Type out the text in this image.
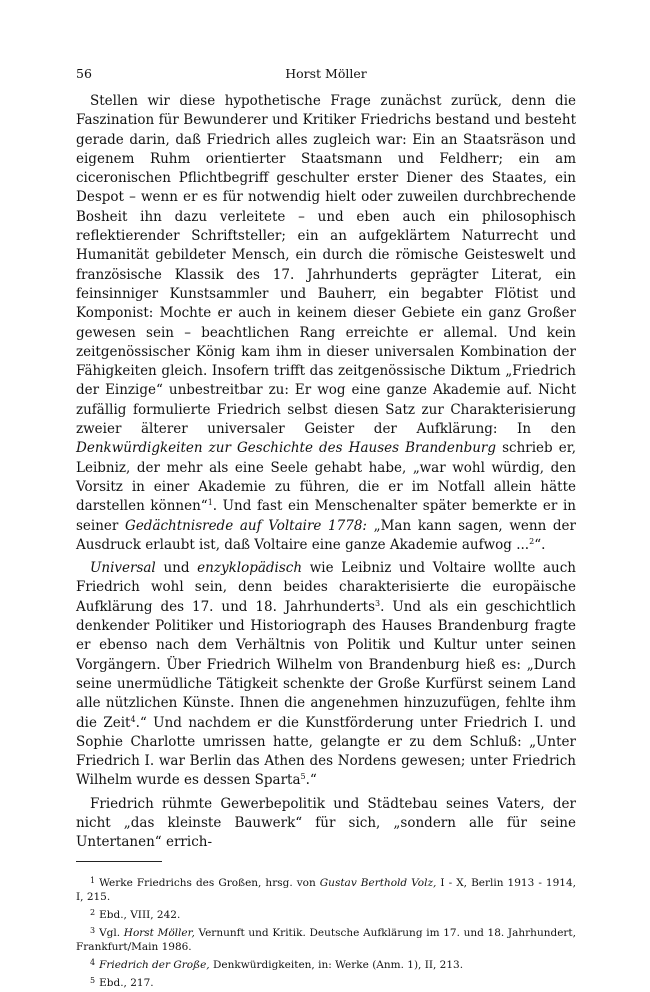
56	Horst Möller

Stellen wir diese hypothetische Frage zunächst zurück, denn die Faszination für Bewunderer und Kritiker Friedrichs bestand und besteht gerade darin, daß Friedrich alles zugleich war: Ein an Staatsräson und eigenem Ruhm orientierter Staatsmann und Feldherr; ein am ciceronischen Pflichtbegriff geschulter erster Diener des Staates, ein Despot – wenn er es für notwendig hielt oder zuweilen durchbrechende Bosheit ihn dazu verleitete – und eben auch ein philosophisch reflektierender Schriftsteller; ein an aufgeklärtem Naturrecht und Humanität gebildeter Mensch, ein durch die römische Geisteswelt und französische Klassik des 17. Jahrhunderts geprägter Literat, ein feinsinniger Kunstsammler und Bauherr, ein begabter Flötist und Komponist: Mochte er auch in keinem dieser Gebiete ein ganz Großer gewesen sein – beachtlichen Rang erreichte er allemal. Und kein zeitgenössischer König kam ihm in dieser universalen Kombination der Fähigkeiten gleich. Insofern trifft das zeitgenössische Diktum „Friedrich der Einzige“ unbestreitbar zu: Er wog eine ganze Akademie auf. Nicht zufällig formulierte Friedrich selbst diesen Satz zur Charakterisierung zweier älterer universaler Geister der Aufklärung: In den Denkwürdigkeiten zur Geschichte des Hauses Brandenburg schrieb er, Leibniz, der mehr als eine Seele gehabt habe, „war wohl würdig, den Vorsitz in einer Akademie zu führen, die er im Notfall allein hätte darstellen können“$^1$. Und fast ein Menschenalter später bemerkte er in seiner Gedächtnisrede auf Voltaire 1778: „Man kann sagen, wenn der Ausdruck erlaubt ist, daß Voltaire eine ganze Akademie aufwog ...$^2$“.

Universal und enzyklopädisch wie Leibniz und Voltaire wollte auch Friedrich wohl sein, denn beides charakterisierte die europäische Aufklärung des 17. und 18. Jahrhunderts$^3$. Und als ein geschichtlich denkender Politiker und Historiograph des Hauses Brandenburg fragte er ebenso nach dem Verhältnis von Politik und Kultur unter seinen Vorgängern. Über Friedrich Wilhelm von Brandenburg hieß es: „Durch seine unermüdliche Tätigkeit schenkte der Große Kurfürst seinem Land alle nützlichen Künste. Ihnen die angenehmen hinzuzufügen, fehlte ihm die Zeit$^4$.“ Und nachdem er die Kunstförderung unter Friedrich I. und Sophie Charlotte umrissen hatte, gelangte er zu dem Schluß: „Unter Friedrich I. war Berlin das Athen des Nordens gewesen; unter Friedrich Wilhelm wurde es dessen Sparta$^5$.“

Friedrich rühmte Gewerbepolitik und Städtebau seines Vaters, der nicht „das kleinste Bauwerk“ für sich, „sondern alle für seine Untertanen“ errich-

$^1$ Werke Friedrichs des Großen, hrsg. von Gustav Berthold Volz, I - X, Berlin 1913 - 1914, I, 215.
$^2$ Ebd., VIII, 242.
$^3$ Vgl. Horst Möller, Vernunft und Kritik. Deutsche Aufklärung im 17. und 18. Jahrhundert, Frankfurt/Main 1986.
$^4$ Friedrich der Große, Denkwürdigkeiten, in: Werke (Anm. 1), II, 213.
$^5$ Ebd., 217.
